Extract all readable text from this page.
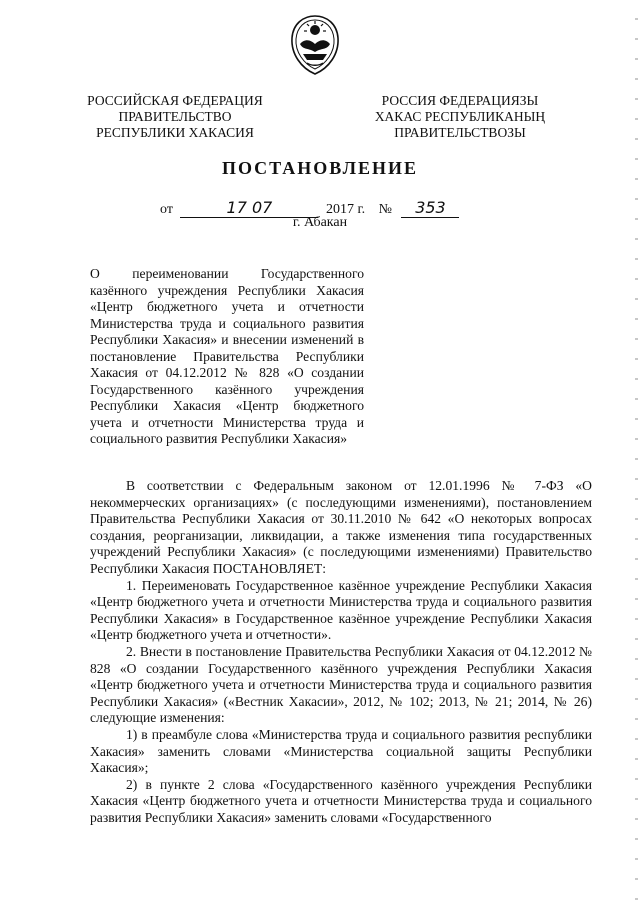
РОССИЙСКАЯ ФЕДЕРАЦИЯ
ПРАВИТЕЛЬСТВО
РЕСПУБЛИКИ ХАКАСИЯ
РОССИЯ ФЕДЕРАЦИЯЗЫ
ХАКАС РЕСПУБЛИКАНЫҢ
ПРАВИТЕЛЬСТВОЗЫ
ПОСТАНОВЛЕНИЕ
от	17 07	2017 г. № 353
г. Абакан
О переименовании Государственного казённого учреждения Республики Хакасия «Центр бюджетного учета и отчетности Министерства труда и социального развития Республики Хакасия» и внесении изменений в постановление Правительства Республики Хакасия от 04.12.2012 № 828 «О создании Государственного казённого учреждения Республики Хакасия «Центр бюджетного учета и отчетности Министерства труда и социального развития Республики Хакасия»

В соответствии с Федеральным законом от 12.01.1996 № 7-ФЗ «О некоммерческих организациях» (с последующими изменениями), постановлением Правительства Республики Хакасия от 30.11.2010 № 642 «О некоторых вопросах создания, реорганизации, ликвидации, а также изменения типа государственных учреждений Республики Хакасия» (с последующими изменениями) Правительство Республики Хакасия ПОСТАНОВЛЯЕТ:

1. Переименовать Государственное казённое учреждение Республики Хакасия «Центр бюджетного учета и отчетности Министерства труда и социального развития Республики Хакасия» в Государственное казённое учреждение Республики Хакасия «Центр бюджетного учета и отчетности».

2. Внести в постановление Правительства Республики Хакасия от 04.12.2012 № 828 «О создании Государственного казённого учреждения Республики Хакасия «Центр бюджетного учета и отчетности Министерства труда и социального развития Республики Хакасия» («Вестник Хакасии», 2012, № 102; 2013, № 21; 2014, № 26) следующие изменения:

1) в преамбуле слова «Министерства труда и социального развития республики Хакасия» заменить словами «Министерства социальной защиты Республики Хакасия»;

2) в пункте 2 слова «Государственного казённого учреждения Республики Хакасия «Центр бюджетного учета и отчетности Министерства труда и социального развития Республики Хакасия» заменить словами «Государственного
